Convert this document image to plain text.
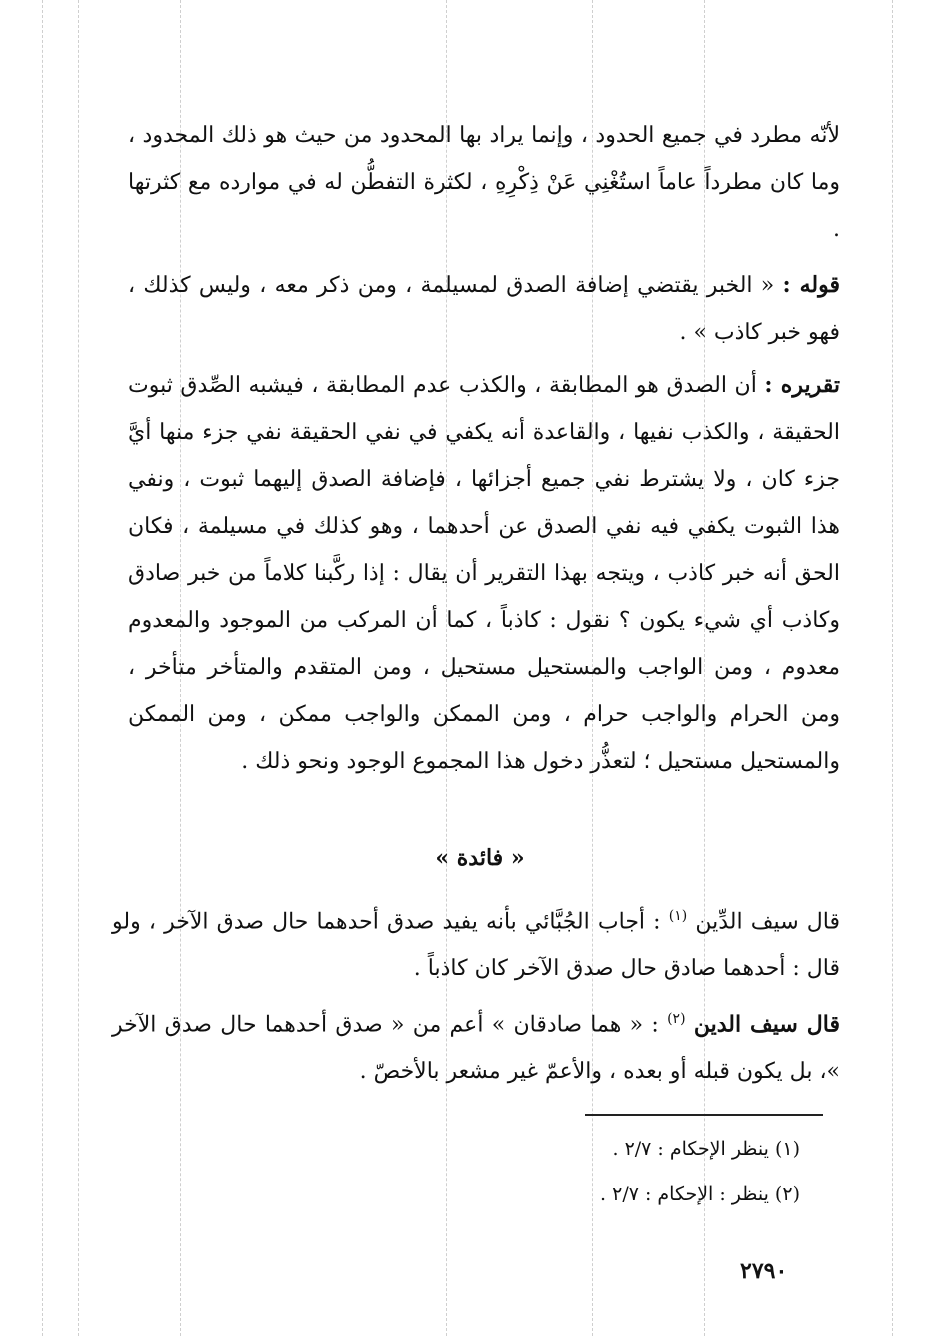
لأنّه مطرد في جميع الحدود ، وإنما يراد بها المحدود من حيث هو ذلك المحدود ، وما كان مطرداً عاماً استُغْنِي عَنْ ذِكْرِهِ ، لكثرة التفطُّن له في موارده مع كثرتها .

قوله : « الخبر يقتضي إضافة الصدق لمسيلمة ، ومن ذكر معه ، وليس كذلك ، فهو خبر كاذب » .

تقريره : أن الصدق هو المطابقة ، والكذب عدم المطابقة ، فيشبه الصِّدق ثبوت الحقيقة ، والكذب نفيها ، والقاعدة أنه يكفي في نفي الحقيقة نفي جزء منها أيَّ جزء كان ، ولا يشترط نفي جميع أجزائها ، فإضافة الصدق إليهما ثبوت ، ونفي هذا الثبوت يكفي فيه نفي الصدق عن أحدهما ، وهو كذلك في مسيلمة ، فكان الحق أنه خبر كاذب ، ويتجه بهذا التقرير أن يقال : إذا ركَّبنا كلاماً من خبر صادق وكاذب أي شيء يكون ؟ نقول : كاذباً ، كما أن المركب من الموجود والمعدوم معدوم ، ومن الواجب والمستحيل مستحيل ، ومن المتقدم والمتأخر متأخر ، ومن الحرام والواجب حرام ، ومن الممكن والواجب ممكن ، ومن الممكن والمستحيل مستحيل ؛ لتعذُّر دخول هذا المجموع الوجود ونحو ذلك .

« فائدة »

قال سيف الدِّين $^{(١)}$ : أجاب الجُبَّائي بأنه يفيد صدق أحدهما حال صدق الآخر ، ولو قال : أحدهما صادق حال صدق الآخر كان كاذباً .

قال سيف الدين $^{(٢)}$ : « هما صادقان » أعم من « صدق أحدهما حال صدق الآخر »، بل يكون قبله أو بعده ، والأعمّ غير مشعر بالأخصّ .

(١) ينظر الإحكام : ٢/٧ .
(٢) ينظر : الإحكام : ٢/٧ .
٢٧٩٠
